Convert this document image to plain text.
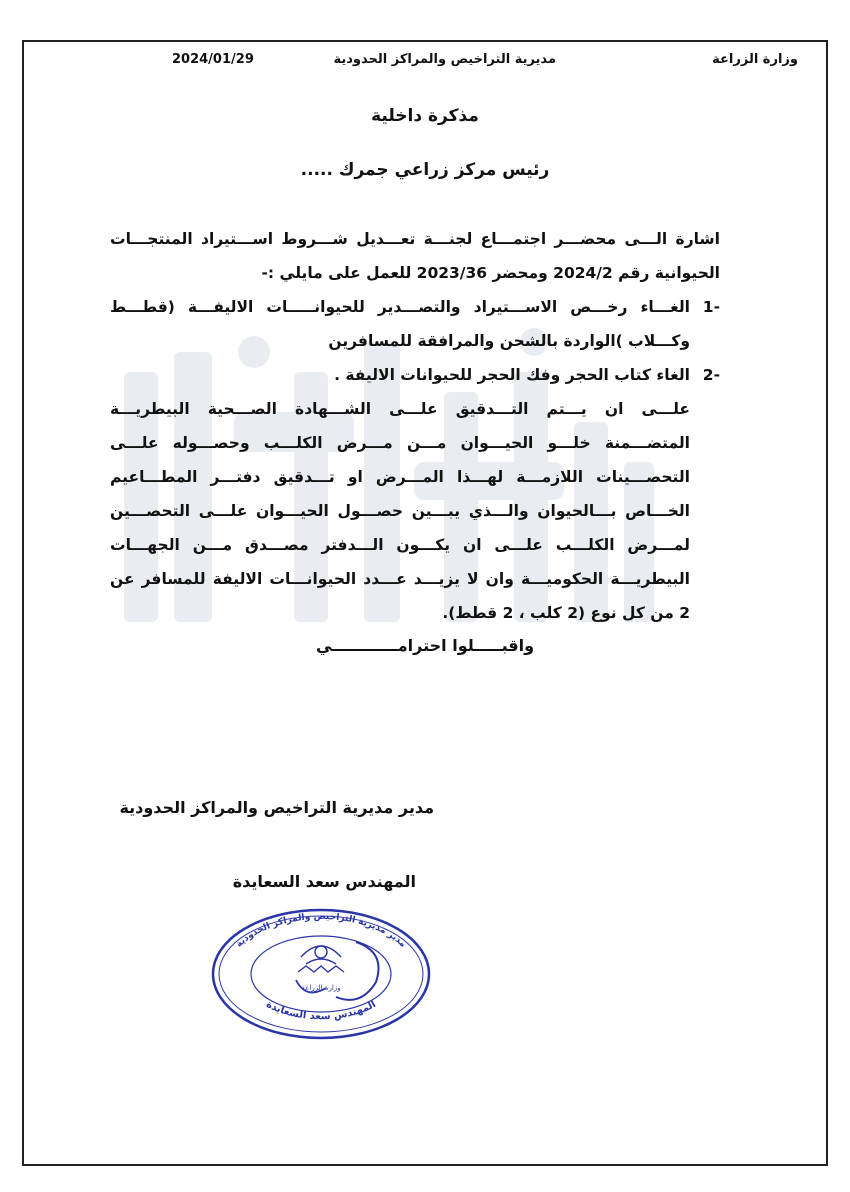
وزارة الزراعة
مديرية التراخيص والمراكز الحدودية
2024/01/29
مذكرة داخلية
رئيس مركز زراعي جمرك .....

اشارة الـــى محضـــر اجتمـــاع لجنـــة تعـــديل شـــروط اســـتيراد المنتجـــات الحيوانية رقم 2024/2 ومحضر 2023/36 للعمل على مايلي :-

-1
الغـــاء رخـــص الاســـتيراد والتصـــدير للحيوانـــــات الاليفـــة (قطـــط وكـــلاب )الواردة بالشحن والمرافقة للمسافرين
-2
الغاء كتاب الحجر وفك الحجر للحيوانات الاليفة .

علـــى ان يـــتم التـــدقيق علـــى الشـــهادة الصـــحية البيطريـــة المتضـــمنة خلـــو الحيـــوان مـــن مـــرض الكلـــب وحصـــوله علـــى التحصـــينات اللازمـــة لهـــذا المـــرض او تـــدقيق دفتـــر المطـــاعيم الخـــاص بـــالحيوان والـــذي يبـــين حصـــول الحيـــوان علـــى التحصـــين لمـــرض الكلـــب علـــى ان يكـــون الـــدفتر مصـــدق مـــن الجهـــات البيطريـــة الحكوميـــة وان لا يزيـــد عـــدد الحيوانـــات الاليفة للمسافر عن 2 من كل نوع (2 كلب ، 2 قطط).

واقبـــــلوا احترامــــــــــــي
مدير مديرية التراخيص والمراكز الحدودية
المهندس سعد السعايدة
مدير مديرية التراخيص والمراكز الحدودية
المهندس سعد السعايدة
وزارة الزراعة
